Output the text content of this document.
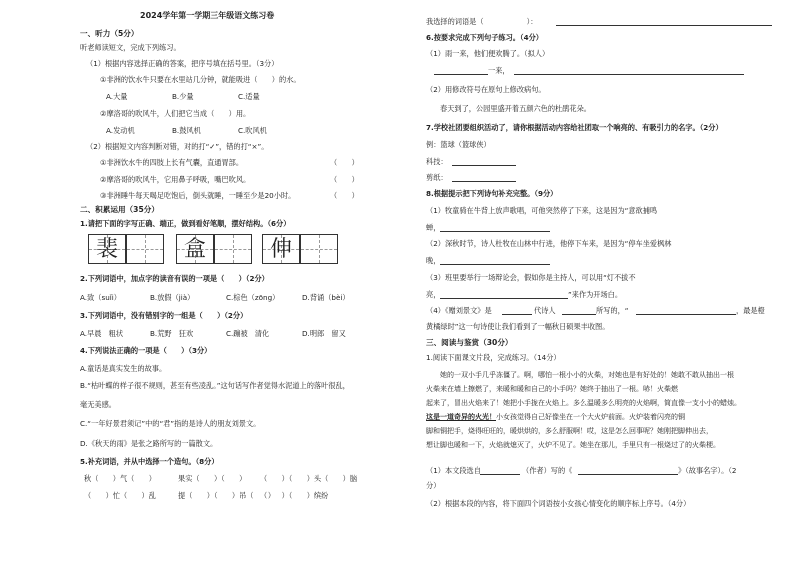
2024学年第一学期三年级语文练习卷
一、听力（5分）
听老师读短文，完成下列练习。
（1）根据内容选择正确的答案，把序号填在括号里。（3分）
①非洲的饮水牛只要在水里站几分钟，就能吸进（　　）的水。
A.大量	B.少量	C.适量
②摩洛哥的吹风牛，人们把它当成（　　）用。
A.发动机	B.鼓风机	C.吹风机
（2）根据短文内容判断对错，对的打“✓”，错的打“×”。
①非洲饮水牛的四肢上长有气囊，直通胃部。	（　　）
②摩洛哥的吹风牛，它用鼻子呼吸，嘴巴吹风。	（　　）
③非洲睡牛每天喝足吃饱后，倒头就睡，一睡至少是20小时。	（　　）
二、积累运用（35分）
1.请把下面的字写正确、端正，做到看好笔顺，摆好结构。（6分）
裴	盒	伸
2.下列词语中，加点字的读音有误的一项是（　　）（2分）
A.致（suǐi）	B.放假（jià）	C.棕色（zōng）	D.背诵（bèi）
3.下列词语中，没有错别字的一组是（　　）（2分）
A.早晨　粗状	B.荒野　狂欢	C.蹦被　清化	D.明郎　留又
4.下列说法正确的一项是（　　）（3分）
A.童话是真实发生的故事。
B.“枯叶蝶的样子很不规则，甚至有些凌乱。”这句话写作者觉得水泥道上的落叶很乱，
毫无美感。
C.“一年好景君须记”中的“君”指的是诗人的朋友刘景文。
D.《秋天的雨》是张之路所写的一篇散文。
5.补充词语，并从中选择一个造句。（8分）
秋（　　）气（　　）	果实（　　）（　　） （　　）（　　）头（　　）脑
（　　）忙（　　）乱	提（　　）（　　）吊（　　）
（　　）（　　）缤纷
我选择的词语是（　　　　　　）：
6.按要求完成下列句子练习。（4分）
（1）雨一来，他们便欢腾了。（拟人）
一来，
（2）用修改符号在原句上修改病句。
春天到了，公园里盛开着五颜六色的杜鹃花朵。
7.学校社团要组织活动了，请你根据活动内容给社团取一个响亮的、有吸引力的名字。（2分）
例：篮球（篮球侠）
科技：
剪纸：
8.根据提示把下列诗句补充完整。（9分）
（1）牧童骑在牛背上放声歌唱，可他突然停了下来，这是因为“意欲捕鸣
蝉，
（2）深秋时节，诗人杜牧在山林中行进，他停下车来，是因为“停车坐爱枫林
晚，
（3）班里要举行一场辩论会，假如你是主持人，可以用“灯不拔不
亮，	”来作为开场白。
（4）《赠刘景文》是	代诗人	所写的，“	，最是橙
黄橘绿时”这一句诗使让我们看到了一幅秋日硕果丰收图。
三、阅读与鉴赏（30分）
1.阅读下面课文片段，完成练习。（14分）
她的一双小手几乎冻僵了。啊，哪怕一根小小的火柴，对她也是有好处的！她敢不敢从抽出一根
火柴来在墙上擦燃了，来暖和暖和自己的小手吗？她终于抽出了一根。哧！火柴燃
起来了，冒出火焰来了！她把小手拢在火焰上。多么温暖多么明亮的火焰啊，简直像一支小小的蜡烛。
这是一道奇异的火光！小女孩觉得自己好像坐在一个大火炉前面。火炉装着闪亮的铜
脚和铜把手，烧得旺旺的，暖烘烘的，多么舒服啊！哎，这是怎么回事呢？她刚把脚伸出去，
想让脚也暖和一下，火焰就熄灭了，火炉不见了。她坐在那儿，手里只有一根烧过了的火柴梗。
（1）本文段选自	（作者）写的《	》（故事名字）。（2
分）
（2）根据本段的内容，将下面四个词语按小女孩心情变化的顺序标上序号。（4分）
